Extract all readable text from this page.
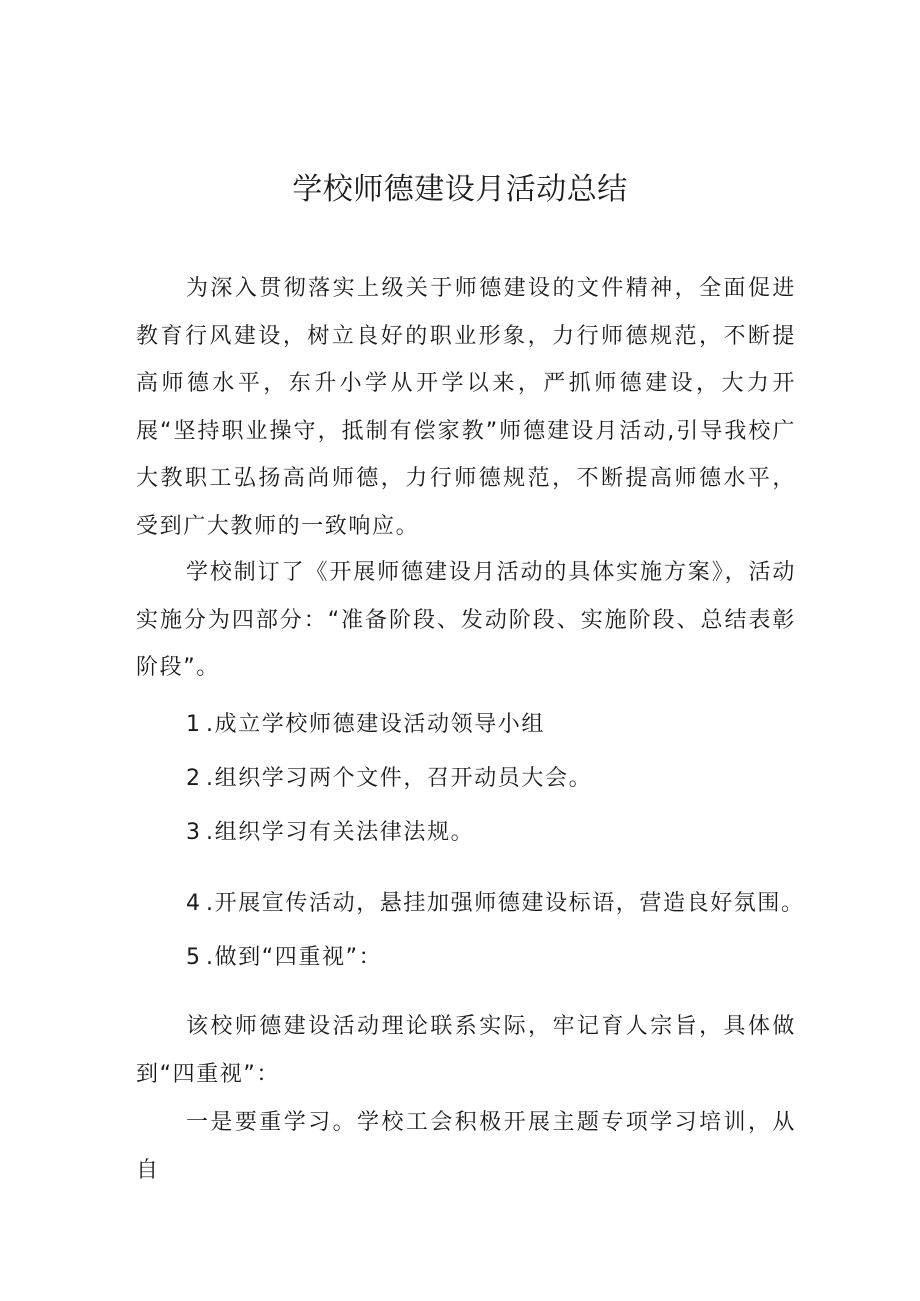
学校师德建设月活动总结

为深入贯彻落实上级关于师德建设的文件精神，全面促进教育行风建设，树立良好的职业形象，力行师德规范，不断提高师德水平，东升小学从开学以来，严抓师德建设，大力开展“坚持职业操守，抵制有偿家教”师德建设月活动,引导我校广大教职工弘扬高尚师德，力行师德规范，不断提高师德水平，受到广大教师的一致响应。

学校制订了《开展师德建设月活动的具体实施方案》，活动实施分为四部分：“准备阶段、发动阶段、实施阶段、总结表彰阶段”。

1 .成立学校师德建设活动领导小组
2 .组织学习两个文件，召开动员大会。
3 .组织学习有关法律法规。
4 .开展宣传活动，悬挂加强师德建设标语，营造良好氛围。
5 .做到“四重视”：

该校师德建设活动理论联系实际，牢记育人宗旨，具体做到“四重视”：

一是要重学习。学校工会积极开展主题专项学习培训，从自
